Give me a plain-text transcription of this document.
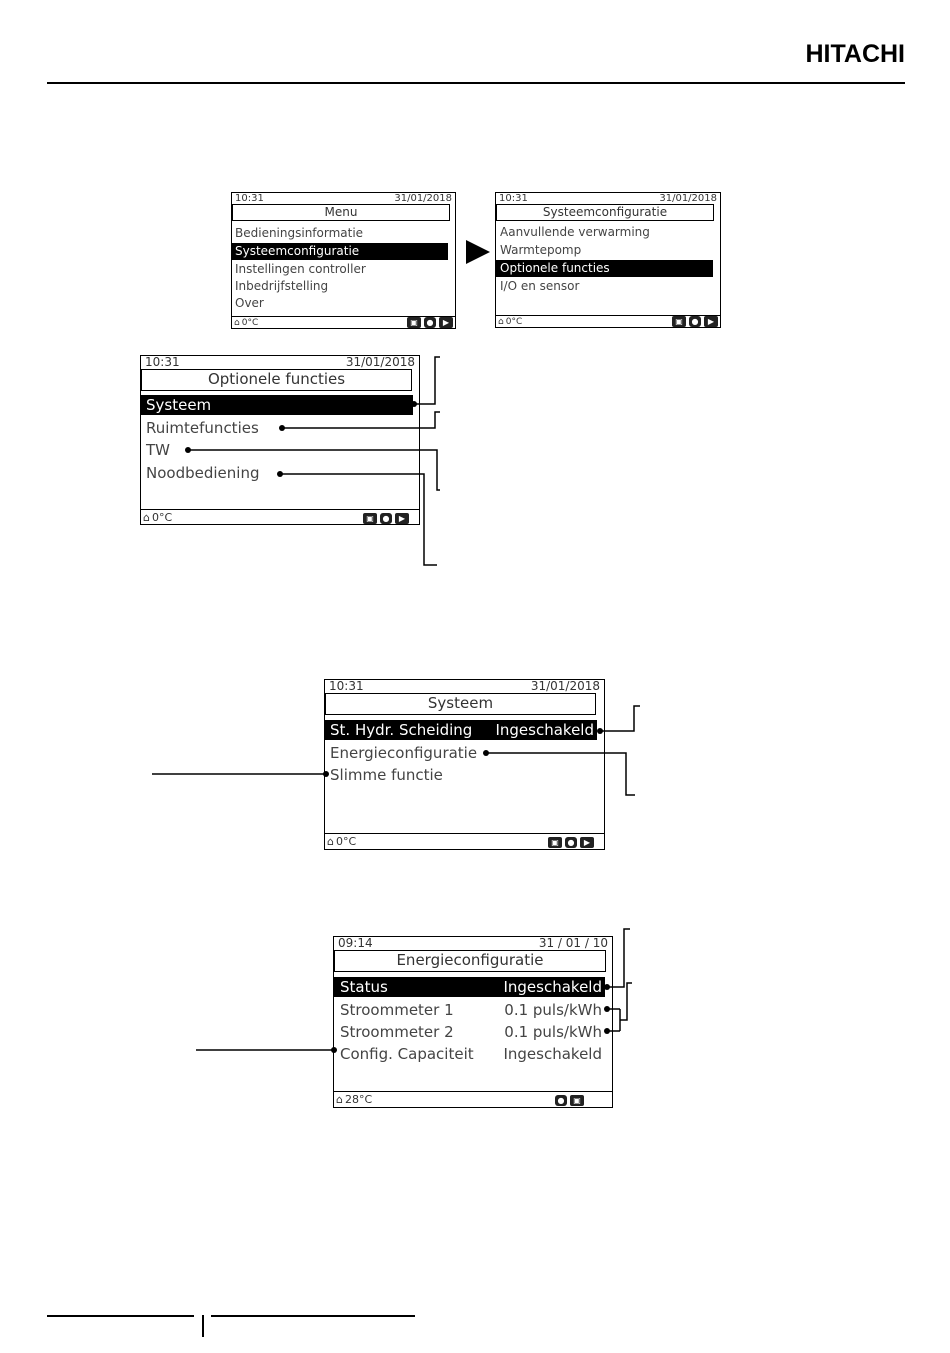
HITACHI
10:31	31/01/2018
Menu
Bedieningsinformatie
Systeemconfiguratie
Instellingen controller
Inbedrijfstelling
Over
⌂ 0°C	▣ ● ▶
10:31	31/01/2018
Systeemconfiguratie
Aanvullende verwarming
Warmtepomp
Optionele functies
I/O en sensor
⌂ 0°C	▣ ● ▶
10:31	31/01/2018
Optionele functies
Systeem
Ruimtefuncties
TW
Noodbediening
⌂ 0°C	▣ ● ▶
10:31	31/01/2018
Systeem
St. Hydr. Scheiding Ingeschakeld
Energieconfiguratie
Slimme functie
⌂ 0°C	▣ ● ▶
09:14	31 / 01 / 10
Energieconfiguratie
Status	Ingeschakeld
Stroommeter 1	0.1 puls/kWh
Stroommeter 2	0.1 puls/kWh
Config. Capaciteit Ingeschakeld
⌂ 28°C	● ▣
